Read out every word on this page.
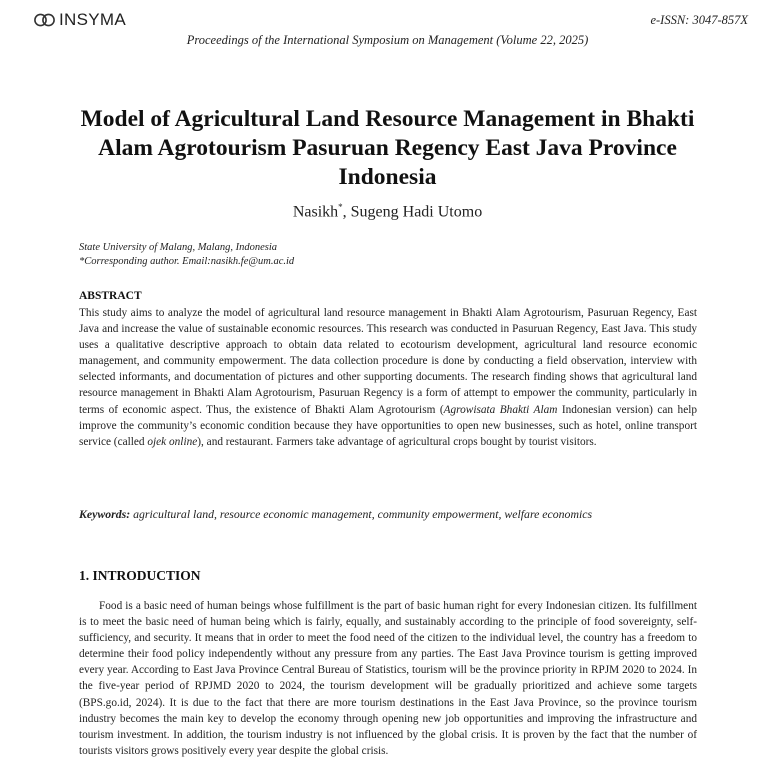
INSYMA	e-ISSN: 3047-857X
Proceedings of the International Symposium on Management (Volume 22, 2025)
Model of Agricultural Land Resource Management in Bhakti Alam Agrotourism Pasuruan Regency East Java Province Indonesia
Nasikh*, Sugeng Hadi Utomo
State University of Malang, Malang, Indonesia
*Corresponding author. Email:nasikh.fe@um.ac.id
ABSTRACT
This study aims to analyze the model of agricultural land resource management in Bhakti Alam Agrotourism, Pasuruan Regency, East Java and increase the value of sustainable economic resources. This research was conducted in Pasuruan Regency, East Java. This study uses a qualitative descriptive approach to obtain data related to ecotourism development, agricultural land resource economic management, and community empowerment. The data collection procedure is done by conducting a field observation, interview with selected informants, and documentation of pictures and other supporting documents. The research finding shows that agricultural land resource management in Bhakti Alam Agrotourism, Pasuruan Regency is a form of attempt to empower the community, particularly in terms of economic aspect. Thus, the existence of Bhakti Alam Agrotourism (Agrowisata Bhakti Alam Indonesian version) can help improve the community’s economic condition because they have opportunities to open new businesses, such as hotel, online transport service (called ojek online), and restaurant. Farmers take advantage of agricultural crops bought by tourist visitors.
Keywords: agricultural land, resource economic management, community empowerment, welfare economics
1. INTRODUCTION
Food is a basic need of human beings whose fulfillment is the part of basic human right for every Indonesian citizen. Its fulfillment is to meet the basic need of human being which is fairly, equally, and sustainably according to the principle of food sovereignty, self-sufficiency, and security. It means that in order to meet the food need of the citizen to the individual level, the country has a freedom to determine their food policy independently without any pressure from any parties. The East Java Province tourism is getting improved every year. According to East Java Province Central Bureau of Statistics, tourism will be the province priority in RPJM 2020 to 2024. In the five-year period of RPJMD 2020 to 2024, the tourism development will be gradually prioritized and achieve some targets (BPS.go.id, 2024). It is due to the fact that there are more tourism destinations in the East Java Province, so the province tourism industry becomes the main key to develop the economy through opening new job opportunities and improving the infrastructure and tourism investment. In addition, the tourism industry is not influenced by the global crisis. It is proven by the fact that the number of tourists visitors grows positively every year despite the global crisis.
